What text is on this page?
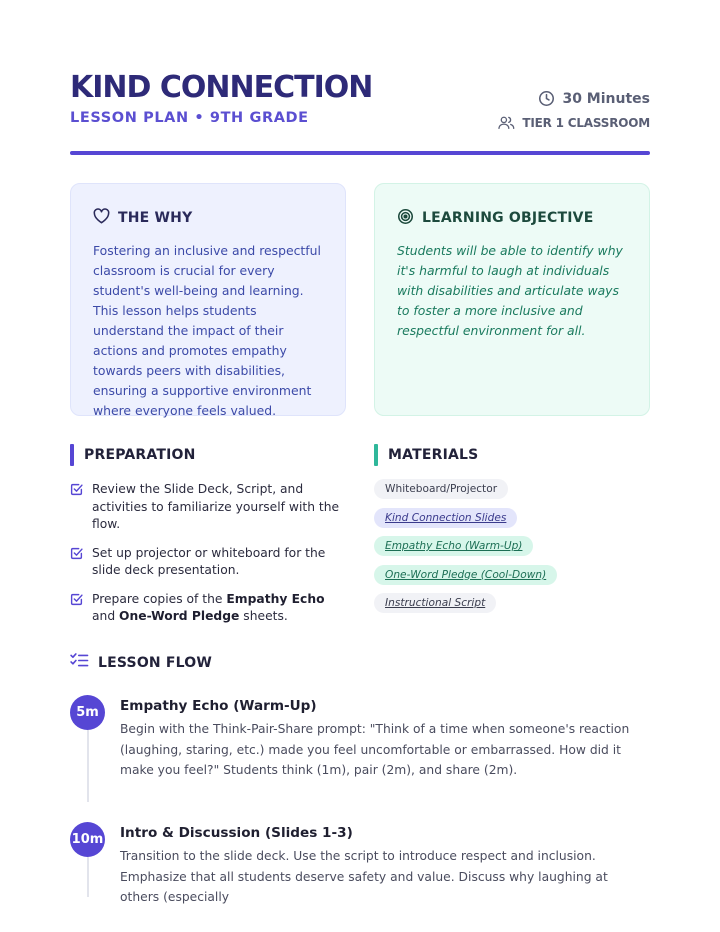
KIND CONNECTION
LESSON PLAN • 9TH GRADE
30 Minutes
TIER 1 CLASSROOM
THE WHY
Fostering an inclusive and respectful classroom is crucial for every student's well-being and learning. This lesson helps students understand the impact of their actions and promotes empathy towards peers with disabilities, ensuring a supportive environment where everyone feels valued.
LEARNING OBJECTIVE
Students will be able to identify why it's harmful to laugh at individuals with disabilities and articulate ways to foster a more inclusive and respectful environment for all.
PREPARATION
Review the Slide Deck, Script, and activities to familiarize yourself with the flow.
Set up projector or whiteboard for the slide deck presentation.
Prepare copies of the Empathy Echo and One-Word Pledge sheets.
MATERIALS
Whiteboard/Projector
Kind Connection Slides
Empathy Echo (Warm-Up)
One-Word Pledge (Cool-Down)
Instructional Script
LESSON FLOW
5m	Empathy Echo (Warm-Up)
Begin with the Think-Pair-Share prompt: "Think of a time when someone's reaction (laughing, staring, etc.) made you feel uncomfortable or embarrassed. How did it make you feel?" Students think (1m), pair (2m), and share (2m).
10m Intro & Discussion (Slides 1-3)
Transition to the slide deck. Use the script to introduce respect and inclusion. Emphasize that all students deserve safety and value. Discuss why laughing at others (especially
